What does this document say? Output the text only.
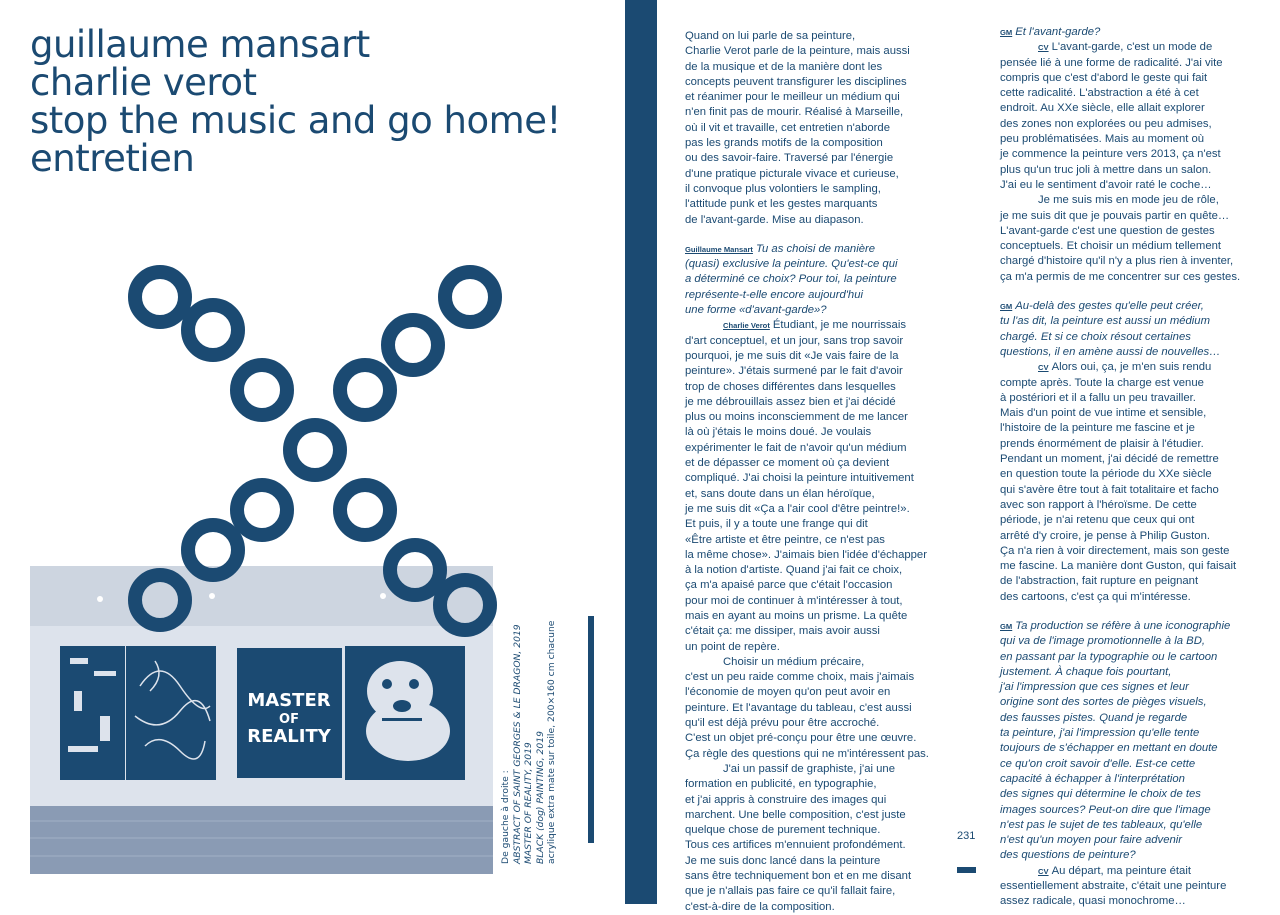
guillaume mansart
charlie verot
stop the music and go home!
entretien
MASTER
OF
REALITY
De gauche à droite : ABSTRACT OF SAINT GEORGES & LE DRAGON, 2019 MASTER OF REALITY, 2019 BLACK (dog) PAINTING, 2019 acrylique extra mate sur toile, 200×160 cm chacune
Quand on lui parle de sa peinture,
Charlie Verot parle de la peinture, mais aussi
de la musique et de la manière dont les
concepts peuvent transfigurer les disciplines
et réanimer pour le meilleur un médium qui
n'en finit pas de mourir. Réalisé à Marseille,
où il vit et travaille, cet entretien n'aborde
pas les grands motifs de la composition
ou des savoir-faire. Traversé par l'énergie
d'une pratique picturale vivace et curieuse,
il convoque plus volontiers le sampling,
l'attitude punk et les gestes marquants
de l'avant-garde. Mise au diapason.
Guillaume Mansart Tu as choisi de manière
(quasi) exclusive la peinture. Qu'est-ce qui
a déterminé ce choix? Pour toi, la peinture
représente-t-elle encore aujourd'hui
une forme «d'avant-garde»?
Charlie Verot Étudiant, je me nourrissais
d'art conceptuel, et un jour, sans trop savoir
pourquoi, je me suis dit «Je vais faire de la
peinture». J'étais surmené par le fait d'avoir
trop de choses différentes dans lesquelles
je me débrouillais assez bien et j'ai décidé
plus ou moins inconsciemment de me lancer
là où j'étais le moins doué. Je voulais
expérimenter le fait de n'avoir qu'un médium
et de dépasser ce moment où ça devient
compliqué. J'ai choisi la peinture intuitivement
et, sans doute dans un élan héroïque,
je me suis dit «Ça a l'air cool d'être peintre!».
Et puis, il y a toute une frange qui dit
«Être artiste et être peintre, ce n'est pas
la même chose». J'aimais bien l'idée d'échapper
à la notion d'artiste. Quand j'ai fait ce choix,
ça m'a apaisé parce que c'était l'occasion
pour moi de continuer à m'intéresser à tout,
mais en ayant au moins un prisme. La quête
c'était ça: me dissiper, mais avoir aussi
un point de repère.
Choisir un médium précaire,
c'est un peu raide comme choix, mais j'aimais
l'économie de moyen qu'on peut avoir en
peinture. Et l'avantage du tableau, c'est aussi
qu'il est déjà prévu pour être accroché.
C'est un objet pré-conçu pour être une œuvre.
Ça règle des questions qui ne m'intéressent pas.
J'ai un passif de graphiste, j'ai une
formation en publicité, en typographie,
et j'ai appris à construire des images qui
marchent. Une belle composition, c'est juste
quelque chose de purement technique.
Tous ces artifices m'ennuient profondément.
Je me suis donc lancé dans la peinture
sans être techniquement bon et en me disant
que je n'allais pas faire ce qu'il fallait faire,
c'est-à-dire de la composition.
GM Et l'avant-garde?
CV L'avant-garde, c'est un mode de
pensée lié à une forme de radicalité. J'ai vite
compris que c'est d'abord le geste qui fait
cette radicalité. L'abstraction a été à cet
endroit. Au XXe siècle, elle allait explorer
des zones non explorées ou peu admises,
peu problématisées. Mais au moment où
je commence la peinture vers 2013, ça n'est
plus qu'un truc joli à mettre dans un salon.
J'ai eu le sentiment d'avoir raté le coche…
Je me suis mis en mode jeu de rôle,
je me suis dit que je pouvais partir en quête…
L'avant-garde c'est une question de gestes
conceptuels. Et choisir un médium tellement
chargé d'histoire qu'il n'y a plus rien à inventer,
ça m'a permis de me concentrer sur ces gestes.
GM Au-delà des gestes qu'elle peut créer,
tu l'as dit, la peinture est aussi un médium
chargé. Et si ce choix résout certaines
questions, il en amène aussi de nouvelles…
CV Alors oui, ça, je m'en suis rendu
compte après. Toute la charge est venue
à postériori et il a fallu un peu travailler.
Mais d'un point de vue intime et sensible,
l'histoire de la peinture me fascine et je
prends énormément de plaisir à l'étudier.
Pendant un moment, j'ai décidé de remettre
en question toute la période du XXe siècle
qui s'avère être tout à fait totalitaire et facho
avec son rapport à l'héroïsme. De cette
période, je n'ai retenu que ceux qui ont
arrêté d'y croire, je pense à Philip Guston.
Ça n'a rien à voir directement, mais son geste
me fascine. La manière dont Guston, qui faisait
de l'abstraction, fait rupture en peignant
des cartoons, c'est ça qui m'intéresse.
GM Ta production se réfère à une iconographie
qui va de l'image promotionnelle à la BD,
en passant par la typographie ou le cartoon
justement. À chaque fois pourtant,
j'ai l'impression que ces signes et leur
origine sont des sortes de pièges visuels,
des fausses pistes. Quand je regarde
ta peinture, j'ai l'impression qu'elle tente
toujours de s'échapper en mettant en doute
ce qu'on croit savoir d'elle. Est-ce cette
capacité à échapper à l'interprétation
des signes qui détermine le choix de tes
images sources? Peut-on dire que l'image
n'est pas le sujet de tes tableaux, qu'elle
n'est qu'un moyen pour faire advenir
des questions de peinture?
CV Au départ, ma peinture était
essentiellement abstraite, c'était une peinture
assez radicale, quasi monochrome…
231
